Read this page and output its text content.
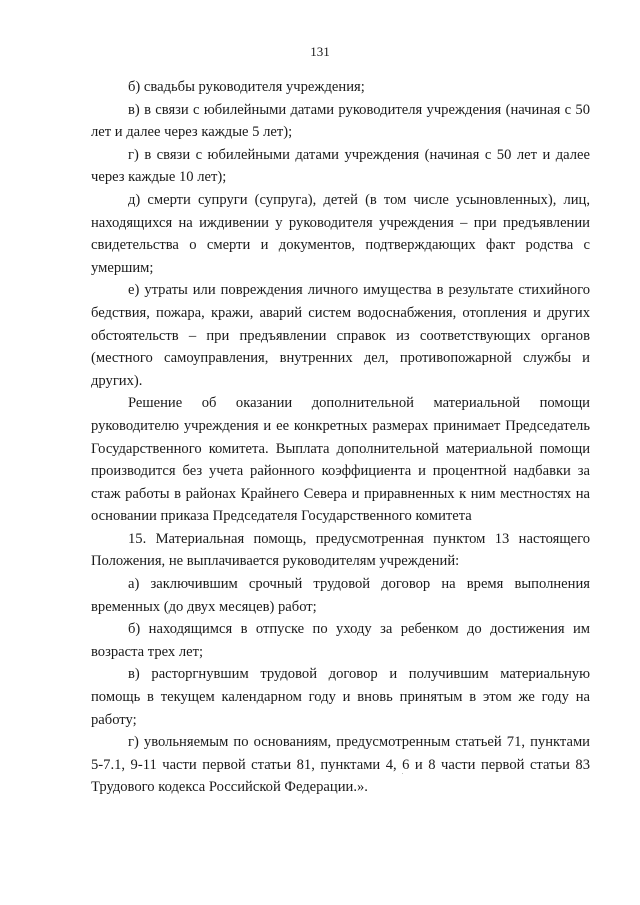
131

б) свадьбы руководителя учреждения;

в) в связи с юбилейными датами руководителя учреждения (начиная с 50 лет и далее через каждые 5 лет);

г) в связи с юбилейными датами учреждения (начиная с 50 лет и далее через каждые 10 лет);

д) смерти супруги (супруга), детей (в том числе усыновленных), лиц, находящихся на иждивении у руководителя учреждения – при предъявлении свидетельства о смерти и документов, подтверждающих факт родства с умершим;

е) утраты или повреждения личного имущества в результате стихийного бедствия, пожара, кражи, аварий систем водоснабжения, отопления и других обстоятельств – при предъявлении справок из соответствующих органов (местного самоуправления, внутренних дел, противопожарной службы и других).

Решение об оказании дополнительной материальной помощи руководителю учреждения и ее конкретных размерах принимает Председатель Государственного комитета. Выплата дополнительной материальной помощи производится без учета районного коэффициента и процентной надбавки за стаж работы в районах Крайнего Севера и приравненных к ним местностях на основании приказа Председателя Государственного комитета

15. Материальная помощь, предусмотренная пунктом 13 настоящего Положения, не выплачивается руководителям учреждений:

а) заключившим срочный трудовой договор на время выполнения временных (до двух месяцев) работ;

б) находящимся в отпуске по уходу за ребенком до достижения им возраста трех лет;

в) расторгнувшим трудовой договор и получившим материальную помощь в текущем календарном году и вновь принятым в этом же году на работу;

г) увольняемым по основаниям, предусмотренным статьей 71, пунктами 5-7.1, 9-11 части первой статьи 81, пунктами 4, 6 и 8 части первой статьи 83 Трудового кодекса Российской Федерации.».
